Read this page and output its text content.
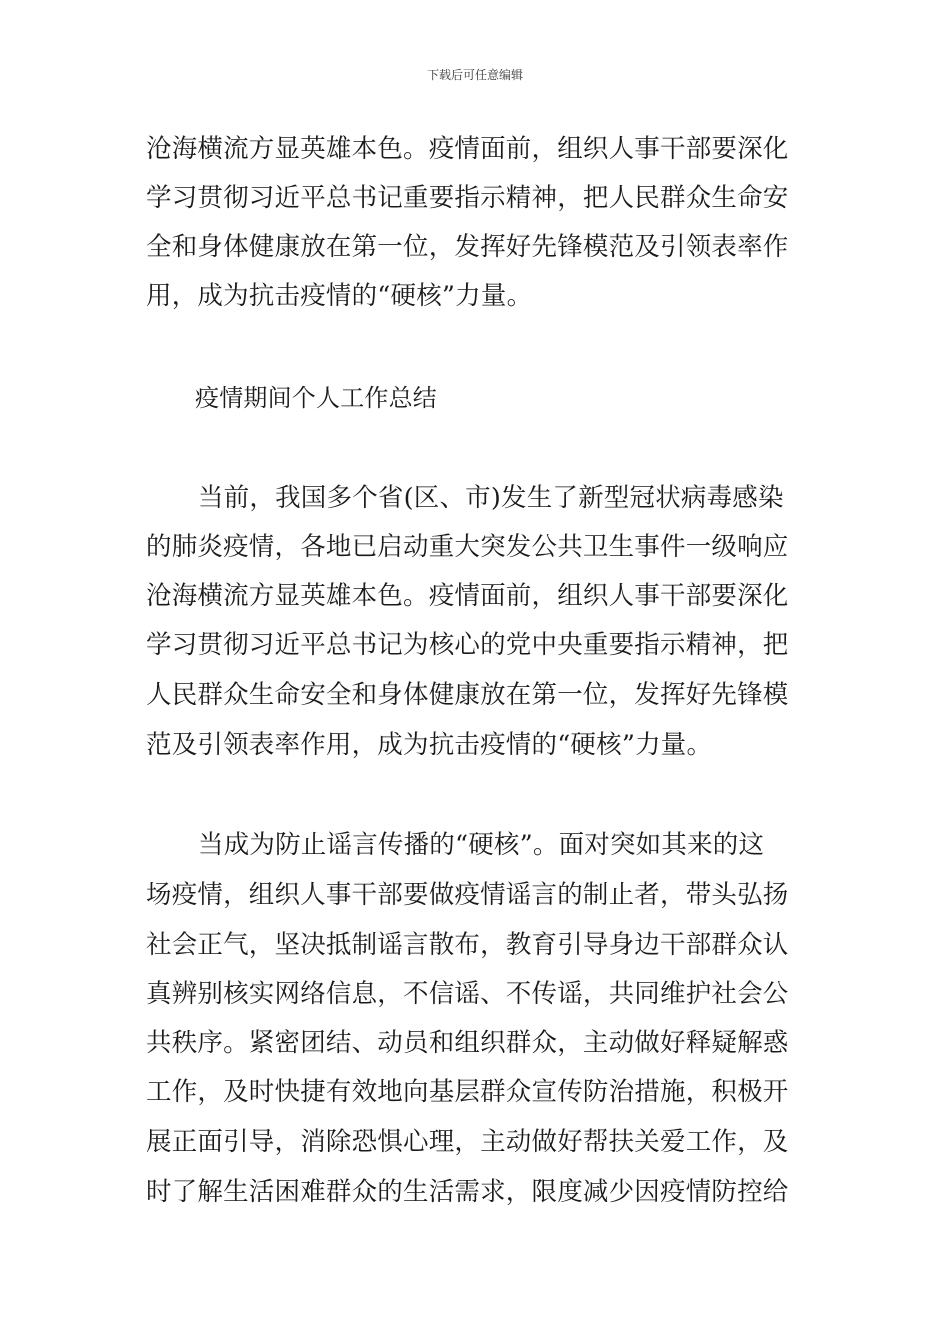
下载后可任意编辑
沧海横流方显英雄本色。疫情面前，组织人事干部要深化
学习贯彻习近平总书记重要指示精神，把人民群众生命安
全和身体健康放在第一位，发挥好先锋模范及引领表率作
用，成为抗击疫情的“硬核”力量。
疫情期间个人工作总结
当前，我国多个省(区、市)发生了新型冠状病毒感染
的肺炎疫情，各地已启动重大突发公共卫生事件一级响应
沧海横流方显英雄本色。疫情面前，组织人事干部要深化
学习贯彻习近平总书记为核心的党中央重要指示精神，把
人民群众生命安全和身体健康放在第一位，发挥好先锋模
范及引领表率作用，成为抗击疫情的“硬核”力量。
当成为防止谣言传播的“硬核”。面对突如其来的这
场疫情，组织人事干部要做疫情谣言的制止者，带头弘扬
社会正气，坚决抵制谣言散布，教育引导身边干部群众认
真辨别核实网络信息，不信谣、不传谣，共同维护社会公
共秩序。紧密团结、动员和组织群众，主动做好释疑解惑
工作，及时快捷有效地向基层群众宣传防治措施，积极开
展正面引导，消除恐惧心理，主动做好帮扶关爱工作，及
时了解生活困难群众的生活需求，限度减少因疫情防控给
